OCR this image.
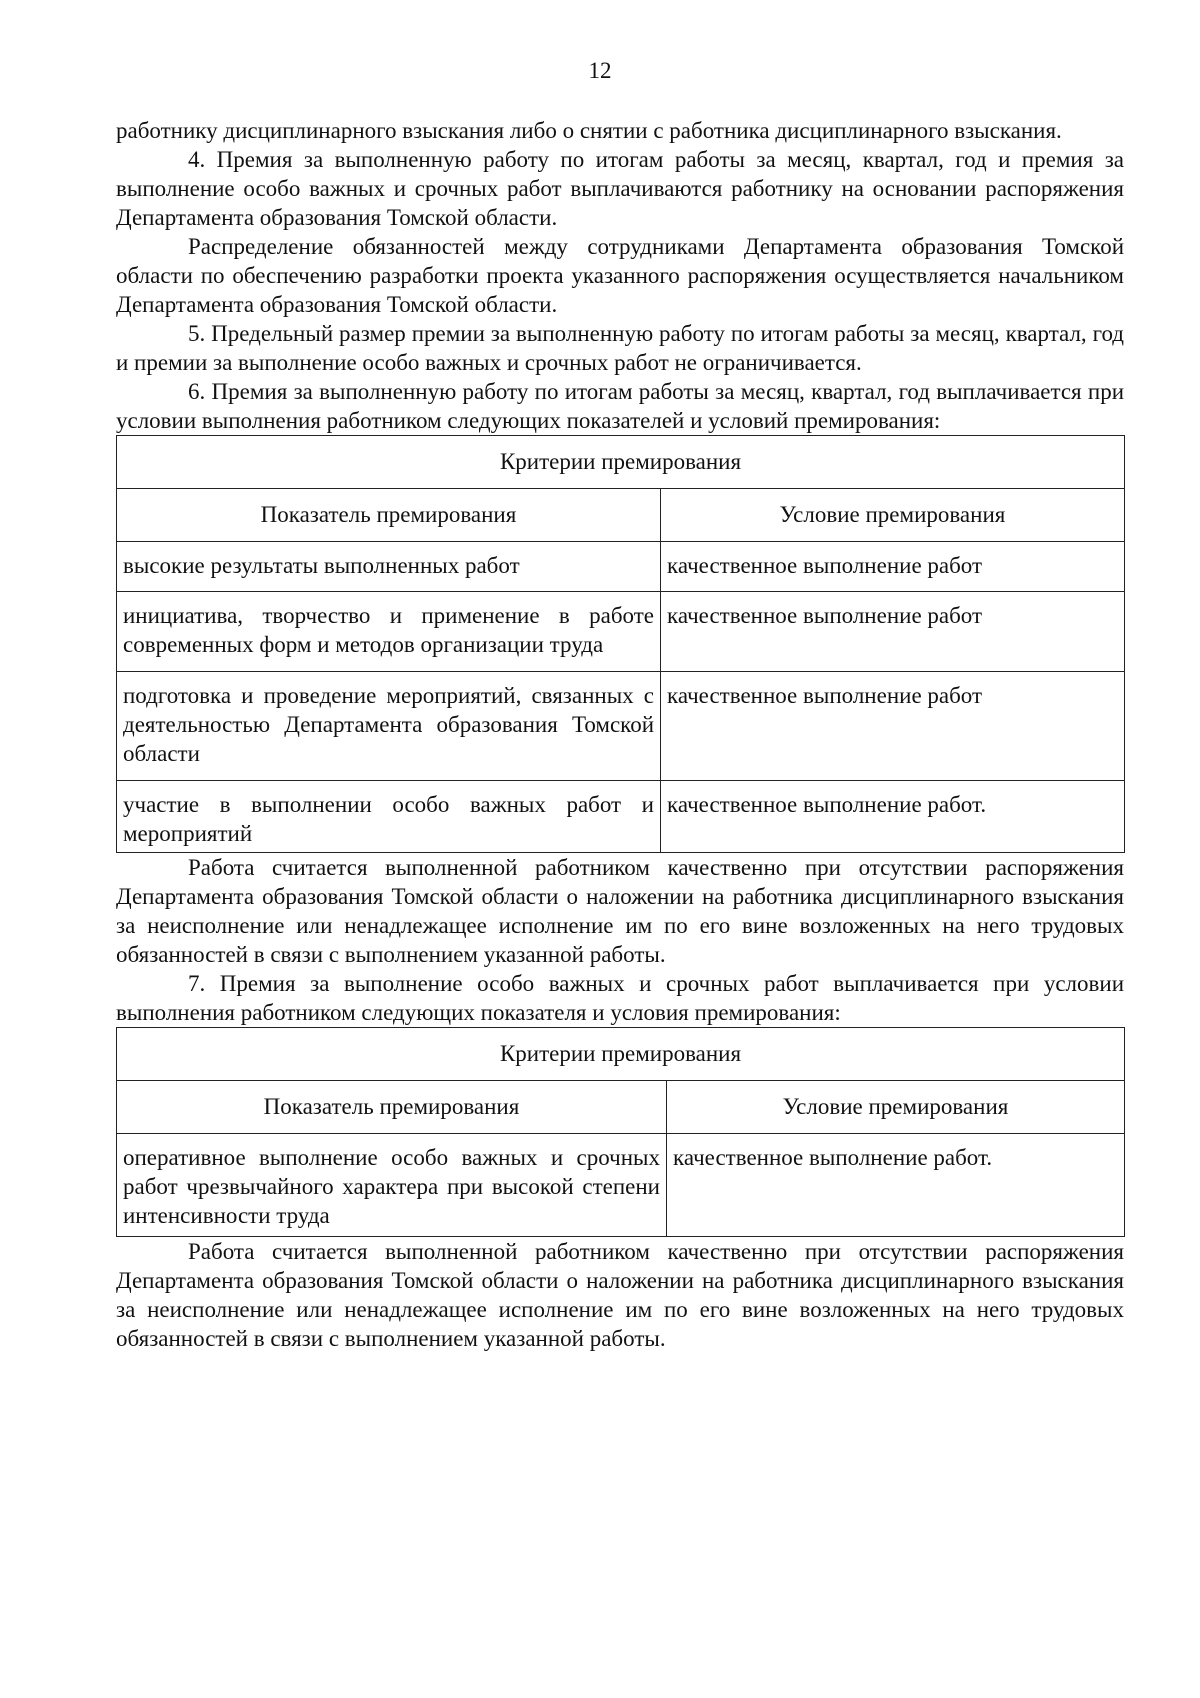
12

работнику дисциплинарного взыскания либо о снятии с работника дисциплинарного взыскания.

4. Премия за выполненную работу по итогам работы за месяц, квартал, год и премия за выполнение особо важных и срочных работ выплачиваются работнику на основании распоряжения Департамента образования Томской области.

Распределение обязанностей между сотрудниками Департамента образования Томской области по обеспечению разработки проекта указанного распоряжения осуществляется начальником Департамента образования Томской области.

5. Предельный размер премии за выполненную работу по итогам работы за месяц, квартал, год и премии за выполнение особо важных и срочных работ не ограничивается.

6. Премия за выполненную работу по итогам работы за месяц, квартал, год выплачивается при условии выполнения работником следующих показателей и условий премирования:

Критерии премирования	
Показатель премирования	Условие премирования
высокие результаты выполненных работ	качественное выполнение работ
инициатива, творчество и применение в работе современных форм и методов организации труда	качественное выполнение работ
подготовка и проведение мероприятий, связанных с деятельностью Департамента образования Томской области	качественное выполнение работ
участие в выполнении особо важных работ и мероприятий	качественное выполнение работ.

Работа считается выполненной работником качественно при отсутствии распоряжения Департамента образования Томской области о наложении на работника дисциплинарного взыскания за неисполнение или ненадлежащее исполнение им по его вине возложенных на него трудовых обязанностей в связи с выполнением указанной работы.

7. Премия за выполнение особо важных и срочных работ выплачивается при условии выполнения работником следующих показателя и условия премирования:

Критерии премирования	
Показатель премирования	Условие премирования
оперативное выполнение особо важных и срочных работ чрезвычайного характера при высокой степени интенсивности труда	качественное выполнение работ.

Работа считается выполненной работником качественно при отсутствии распоряжения Департамента образования Томской области о наложении на работника дисциплинарного взыскания за неисполнение или ненадлежащее исполнение им по его вине возложенных на него трудовых обязанностей в связи с выполнением указанной работы.
